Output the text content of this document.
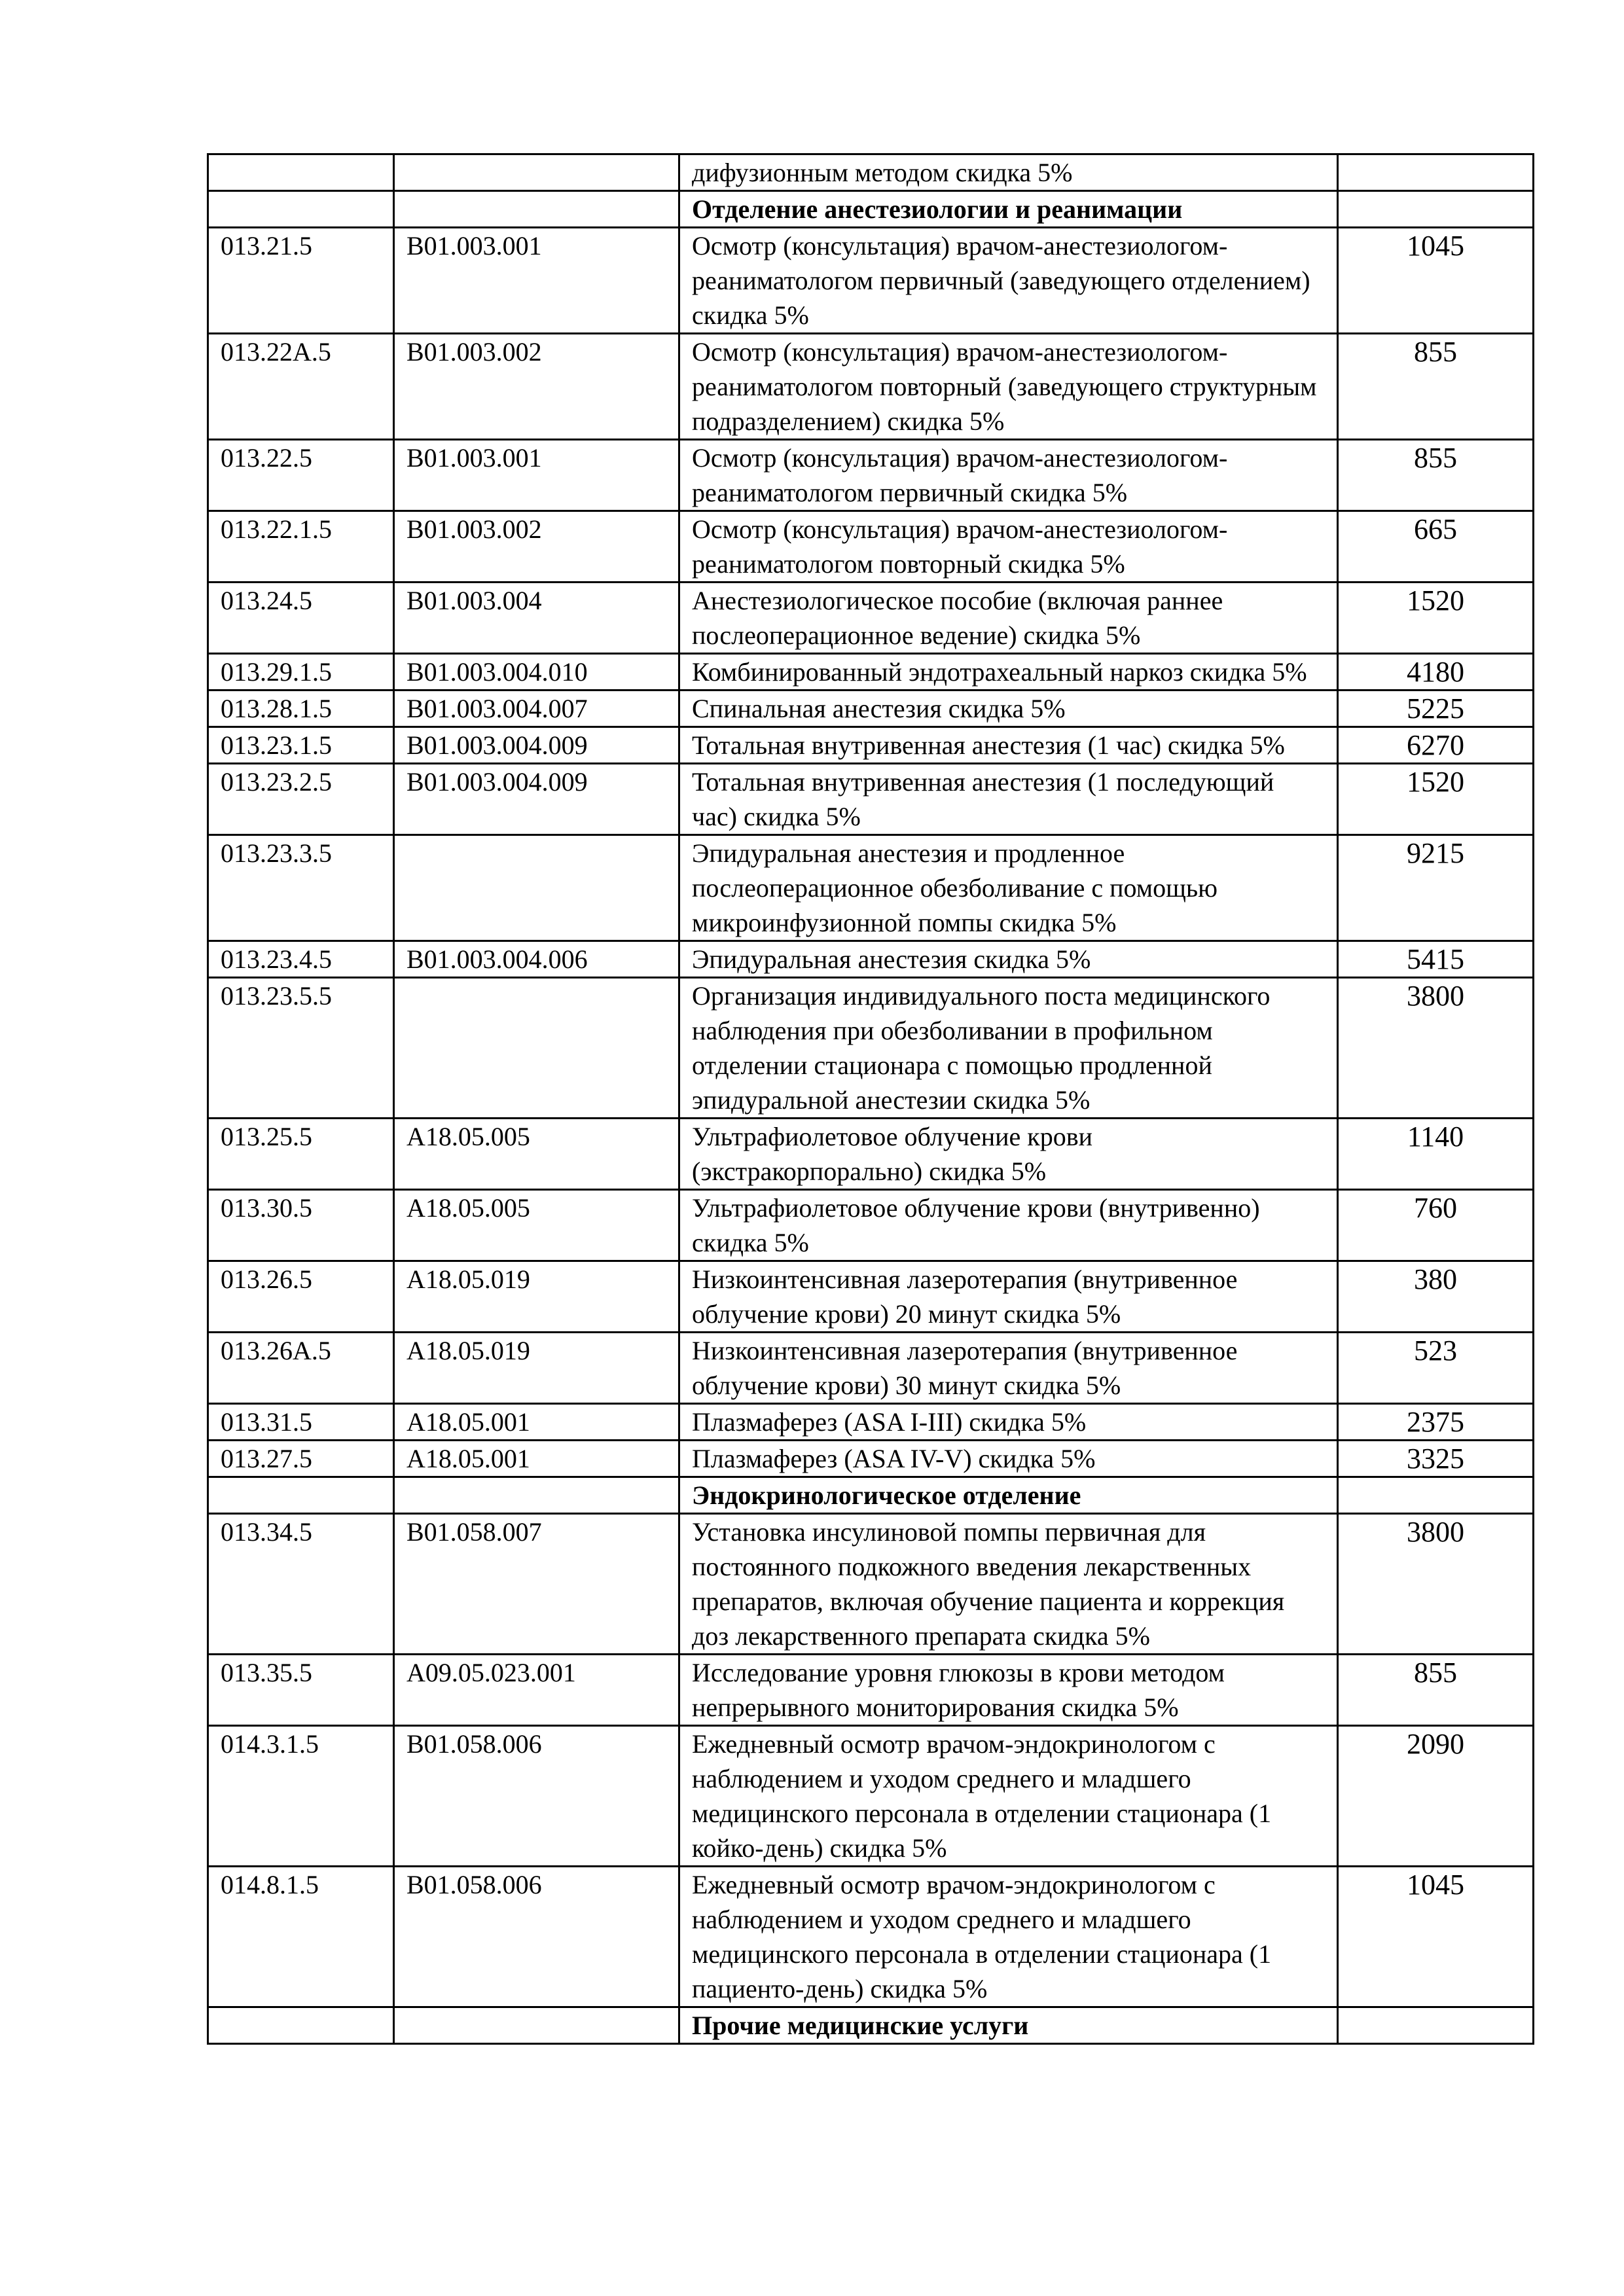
		дифузионным методом скидка 5%	
		Отделение анестезиологии и реанимации	
013.21.5	В01.003.001	Осмотр (консультация) врачом-анестезиологом-реаниматологом первичный (заведующего отделением) скидка 5%	1045
013.22А.5	В01.003.002	Осмотр (консультация) врачом-анестезиологом-реаниматологом повторный (заведующего структурным подразделением) скидка 5%	855
013.22.5	В01.003.001	Осмотр (консультация) врачом-анестезиологом-реаниматологом первичный скидка 5%	855
013.22.1.5	В01.003.002	Осмотр (консультация) врачом-анестезиологом-реаниматологом повторный скидка 5%	665
013.24.5	В01.003.004	Анестезиологическое пособие (включая раннее послеоперационное ведение) скидка 5%	1520
013.29.1.5	В01.003.004.010	Комбинированный эндотрахеальный наркоз скидка 5%	4180
013.28.1.5	В01.003.004.007	Спинальная анестезия скидка 5%	5225
013.23.1.5	В01.003.004.009	Тотальная внутривенная анестезия (1 час) скидка 5%	6270
013.23.2.5	В01.003.004.009	Тотальная внутривенная анестезия (1 последующий час) скидка 5%	1520
013.23.3.5		Эпидуральная анестезия и продленное послеоперационное обезболивание с помощью микроинфузионной помпы скидка 5%	9215
013.23.4.5	В01.003.004.006	Эпидуральная анестезия скидка 5%	5415
013.23.5.5		Организация индивидуального поста медицинского наблюдения при обезболивании в профильном отделении стационара с помощью продленной эпидуральной анестезии скидка 5%	3800
013.25.5	А18.05.005	Ультрафиолетовое облучение крови (экстракорпорально) скидка 5%	1140
013.30.5	А18.05.005	Ультрафиолетовое облучение крови (внутривенно) скидка 5%	760
013.26.5	А18.05.019	Низкоинтенсивная лазеротерапия (внутривенное облучение крови) 20 минут скидка 5%	380
013.26А.5	А18.05.019	Низкоинтенсивная лазеротерапия (внутривенное облучение крови) 30 минут скидка 5%	523
013.31.5	А18.05.001	Плазмаферез (ASA I-III) скидка 5%	2375
013.27.5	А18.05.001	Плазмаферез (ASA IV-V) скидка 5%	3325
		Эндокринологическое отделение	
013.34.5	В01.058.007	Установка инсулиновой помпы первичная для постоянного подкожного введения лекарственных препаратов, включая обучение пациента и коррекция доз лекарственного препарата скидка 5%	3800
013.35.5	А09.05.023.001	Исследование уровня глюкозы в крови методом непрерывного мониторирования скидка 5%	855
014.3.1.5	В01.058.006	Ежедневный осмотр врачом-эндокринологом с наблюдением и уходом среднего и младшего медицинского персонала в отделении стационара (1 койко-день) скидка 5%	2090
014.8.1.5	В01.058.006	Ежедневный осмотр врачом-эндокринологом с наблюдением и уходом среднего и младшего медицинского персонала в отделении стационара (1 пациенто-день) скидка 5%	1045
		Прочие медицинские услуги	
